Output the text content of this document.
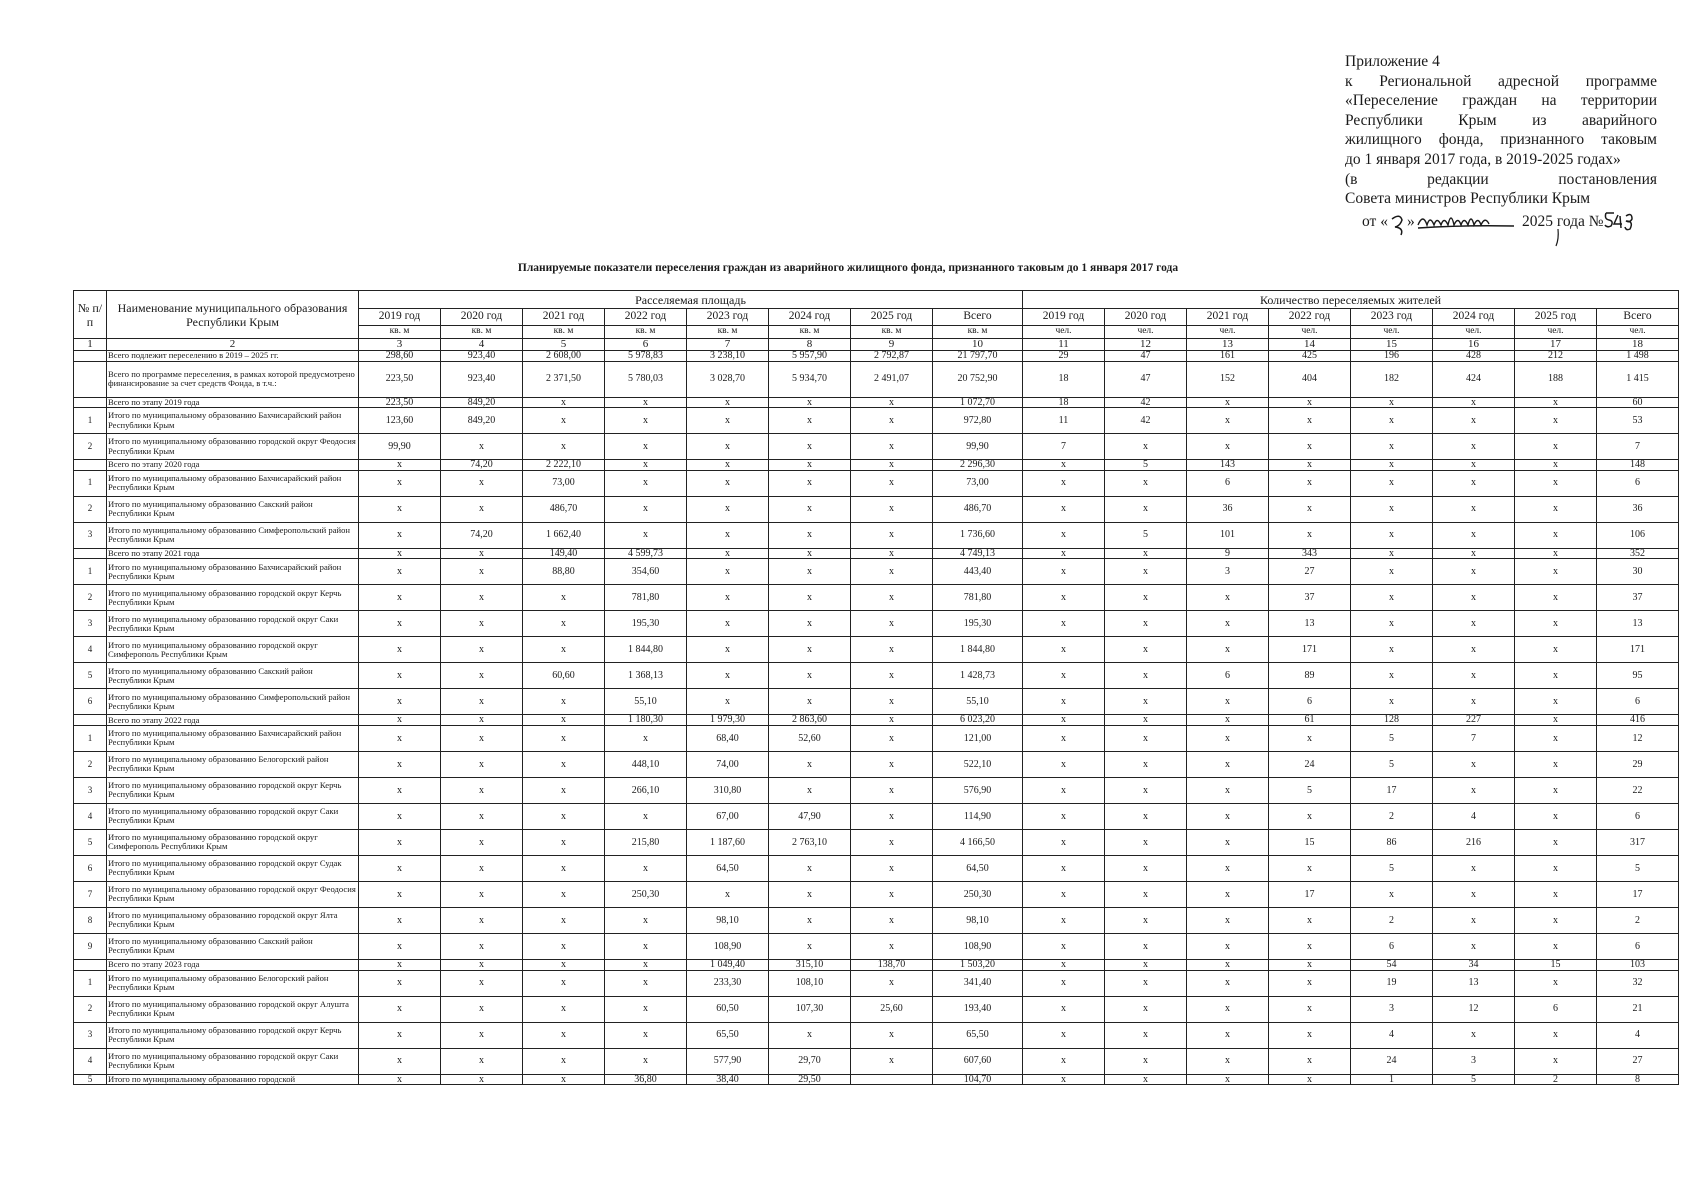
Приложение 4
к Региональной адресной программе
«Переселение граждан на территории
Республики Крым из аварийного
жилищного фонда, признанного таковым
до 1 января 2017 года, в 2019-2025 годах»
(в редакции постановления
Совета министров Республики Крым
от « »	2025 года №
Планируемые показатели переселения граждан из аварийного жилищного фонда, признанного таковым до 1 января 2017 года
№ п/п	Наименование муниципального образования Республики Крым	Расселяемая площадь								Количество переселяемых жителей							
		2019 год	2020 год	2021 год	2022 год	2023 год	2024 год	2025 год	Всего	2019 год	2020 год	2021 год	2022 год	2023 год	2024 год	2025 год	Всего
		кв. м	кв. м	кв. м	кв. м	кв. м	кв. м	кв. м	кв. м	чел.	чел.	чел.	чел.	чел.	чел.	чел.	чел.
1	2	3	4	5	6	7	8	9	10	11	12	13	14	15	16	17	18
	Всего подлежит переселению в 2019 – 2025 гг.	298,60	923,40	2 608,00	5 978,83	3 238,10	5 957,90	2 792,87	21 797,70	29	47	161	425	196	428	212	1 498
	Всего по программе переселения, в рамках которой предусмотрено финансирование за счет средств Фонда, в т.ч.:	223,50	923,40	2 371,50	5 780,03	3 028,70	5 934,70	2 491,07	20 752,90	18	47	152	404	182	424	188	1 415
	Всего по этапу 2019 года	223,50	849,20	х	х	х	х	х	1 072,70	18	42	х	х	х	х	х	60
1	Итого по муниципальному образованию Бахчисарайский район Республики Крым	123,60	849,20	х	х	х	х	х	972,80	11	42	х	х	х	х	х	53
2	Итого по муниципальному образованию городской округ Феодосия Республики Крым	99,90	х	х	х	х	х	х	99,90	7	х	х	х	х	х	х	7
	Всего по этапу 2020 года	х	74,20	2 222,10	х	х	х	х	2 296,30	х	5	143	х	х	х	х	148
1	Итого по муниципальному образованию Бахчисарайский район Республики Крым	х	х	73,00	х	х	х	х	73,00	х	х	6	х	х	х	х	6
2	Итого по муниципальному образованию Сакский район Республики Крым	х	х	486,70	х	х	х	х	486,70	х	х	36	х	х	х	х	36
3	Итого по муниципальному образованию Симферопольский район Республики Крым	х	74,20	1 662,40	х	х	х	х	1 736,60	х	5	101	х	х	х	х	106
	Всего по этапу 2021 года	х	х	149,40	4 599,73	х	х	х	4 749,13	х	х	9	343	х	х	х	352
1	Итого по муниципальному образованию Бахчисарайский район Республики Крым	х	х	88,80	354,60	х	х	х	443,40	х	х	3	27	х	х	х	30
2	Итого по муниципальному образованию городской округ Керчь Республики Крым	х	х	х	781,80	х	х	х	781,80	х	х	х	37	х	х	х	37
3	Итого по муниципальному образованию городской округ Саки Республики Крым	х	х	х	195,30	х	х	х	195,30	х	х	х	13	х	х	х	13
4	Итого по муниципальному образованию городской округ Симферополь Республики Крым	х	х	х	1 844,80	х	х	х	1 844,80	х	х	х	171	х	х	х	171
5	Итого по муниципальному образованию Сакский район Республики Крым	х	х	60,60	1 368,13	х	х	х	1 428,73	х	х	6	89	х	х	х	95
6	Итого по муниципальному образованию Симферопольский район Республики Крым	х	х	х	55,10	х	х	х	55,10	х	х	х	6	х	х	х	6
	Всего по этапу 2022 года	х	х	х	1 180,30	1 979,30	2 863,60	х	6 023,20	х	х	х	61	128	227	х	416
1	Итого по муниципальному образованию Бахчисарайский район Республики Крым	х	х	х	х	68,40	52,60	х	121,00	х	х	х	х	5	7	х	12
2	Итого по муниципальному образованию Белогорский район Республики Крым	х	х	х	448,10	74,00	х	х	522,10	х	х	х	24	5	х	х	29
3	Итого по муниципальному образованию городской округ Керчь Республики Крым	х	х	х	266,10	310,80	х	х	576,90	х	х	х	5	17	х	х	22
4	Итого по муниципальному образованию городской округ Саки Республики Крым	х	х	х	х	67,00	47,90	х	114,90	х	х	х	х	2	4	х	6
5	Итого по муниципальному образованию городской округ Симферополь Республики Крым	х	х	х	215,80	1 187,60	2 763,10	х	4 166,50	х	х	х	15	86	216	х	317
6	Итого по муниципальному образованию городской округ Судак Республики Крым	х	х	х	х	64,50	х	х	64,50	х	х	х	х	5	х	х	5
7	Итого по муниципальному образованию городской округ Феодосия Республики Крым	х	х	х	250,30	х	х	х	250,30	х	х	х	17	х	х	х	17
8	Итого по муниципальному образованию городской округ Ялта Республики Крым	х	х	х	х	98,10	х	х	98,10	х	х	х	х	2	х	х	2
9	Итого по муниципальному образованию Сакский район Республики Крым	х	х	х	х	108,90	х	х	108,90	х	х	х	х	6	х	х	6
	Всего по этапу 2023 года	х	х	х	х	1 049,40	315,10	138,70	1 503,20	х	х	х	х	54	34	15	103
1	Итого по муниципальному образованию Белогорский район Республики Крым	х	х	х	х	233,30	108,10	х	341,40	х	х	х	х	19	13	х	32
2	Итого по муниципальному образованию городской округ Алушта Республики Крым	х	х	х	х	60,50	107,30	25,60	193,40	х	х	х	х	3	12	6	21
3	Итого по муниципальному образованию городской округ Керчь Республики Крым	х	х	х	х	65,50	х	х	65,50	х	х	х	х	4	х	х	4
4	Итого по муниципальному образованию городской округ Саки Республики Крым	х	х	х	х	577,90	29,70	х	607,60	х	х	х	х	24	3	х	27
5	Итого по муниципальному образованию городской	х	х	х	36,80	38,40	29,50		104,70	х	х	х	х	1	5	2	8
